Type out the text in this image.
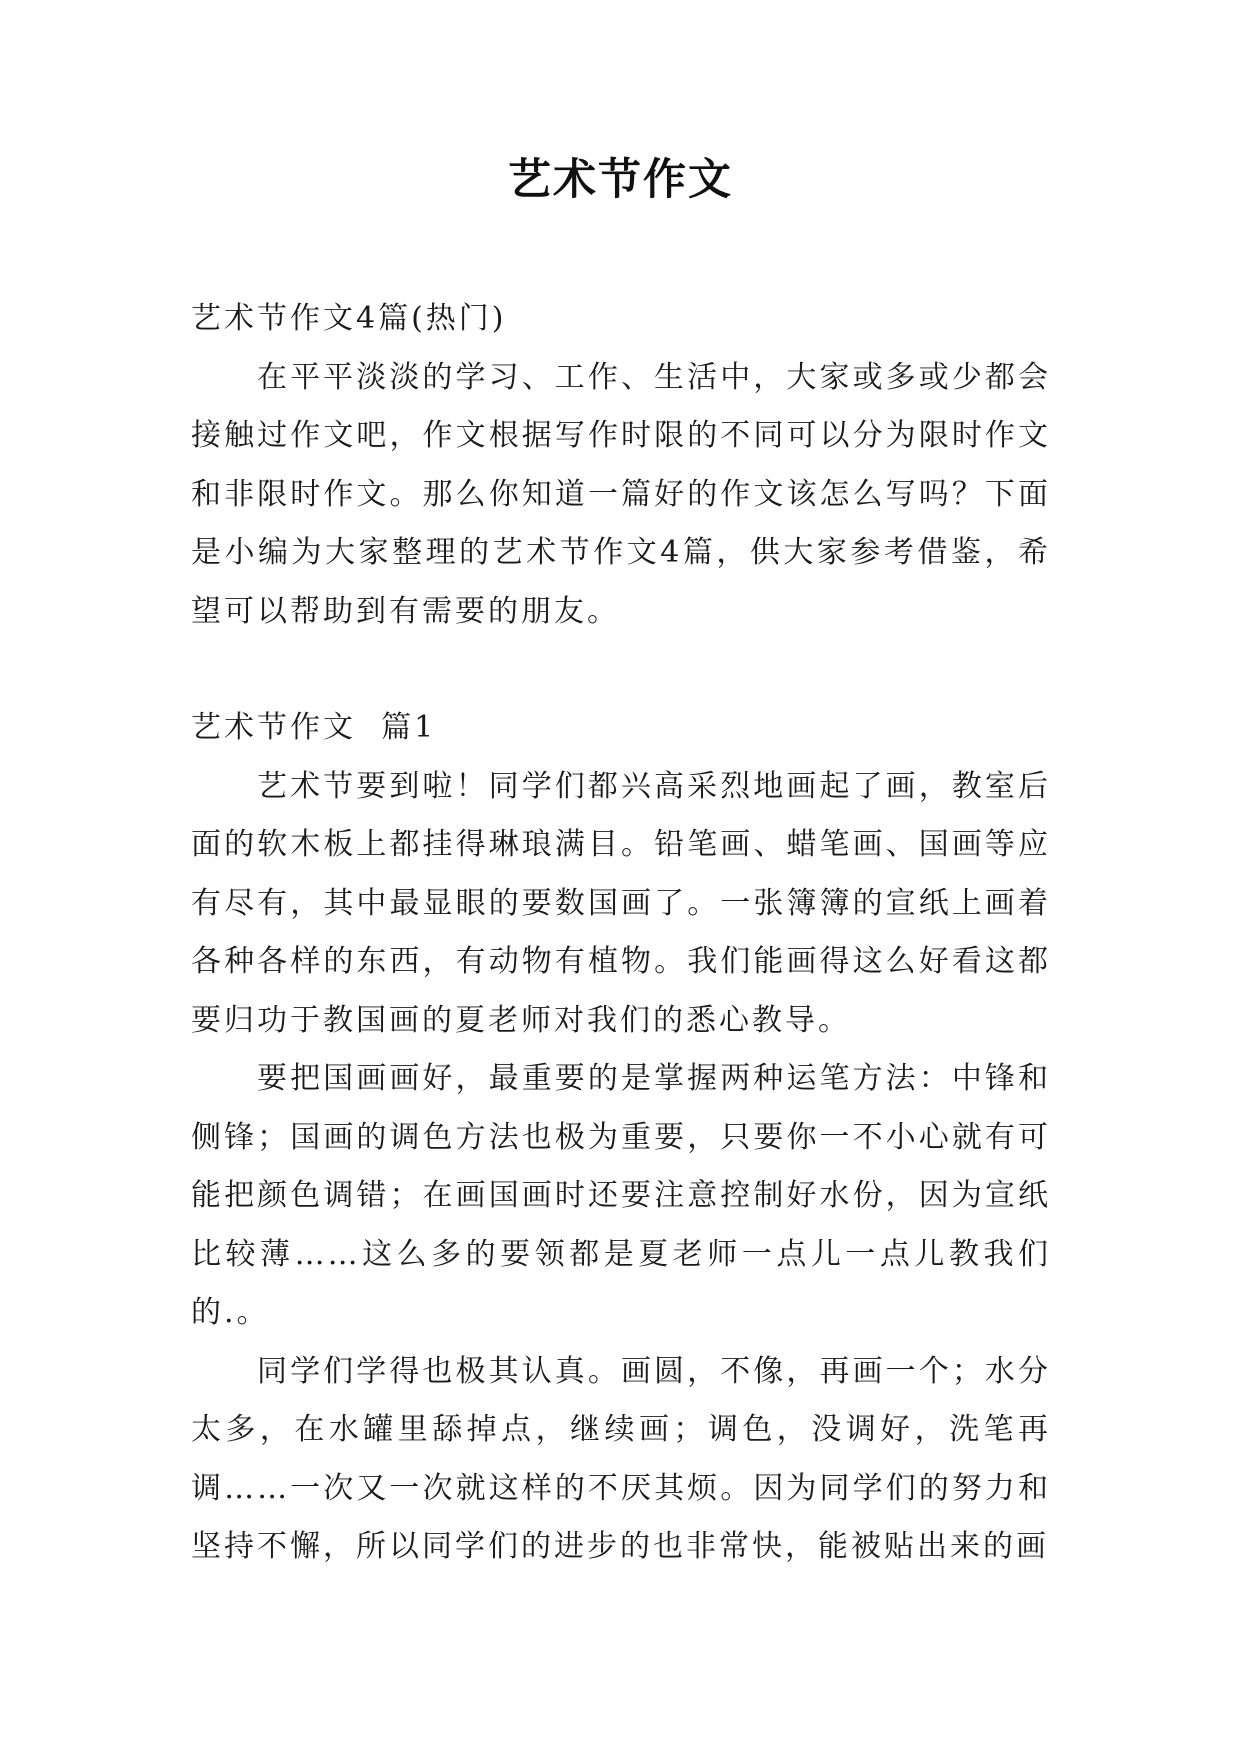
艺术节作文

艺术节作文4篇(热门)

在平平淡淡的学习、工作、生活中，大家或多或少都会接触过作文吧，作文根据写作时限的不同可以分为限时作文和非限时作文。那么你知道一篇好的作文该怎么写吗？下面是小编为大家整理的艺术节作文4篇，供大家参考借鉴，希望可以帮助到有需要的朋友。

艺术节作文  篇1

艺术节要到啦！同学们都兴高采烈地画起了画，教室后面的软木板上都挂得琳琅满目。铅笔画、蜡笔画、国画等应有尽有，其中最显眼的要数国画了。一张簿簿的宣纸上画着各种各样的东西，有动物有植物。我们能画得这么好看这都要归功于教国画的夏老师对我们的悉心教导。

要把国画画好，最重要的是掌握两种运笔方法：中锋和侧锋；国画的调色方法也极为重要，只要你一不小心就有可能把颜色调错；在画国画时还要注意控制好水份，因为宣纸比较薄……这么多的要领都是夏老师一点儿一点儿教我们的.。

同学们学得也极其认真。画圆，不像，再画一个；水分太多，在水罐里舔掉点，继续画；调色，没调好，洗笔再调……一次又一次就这样的不厌其烦。因为同学们的努力和坚持不懈，所以同学们的进步的也非常快，能被贴出来的画
